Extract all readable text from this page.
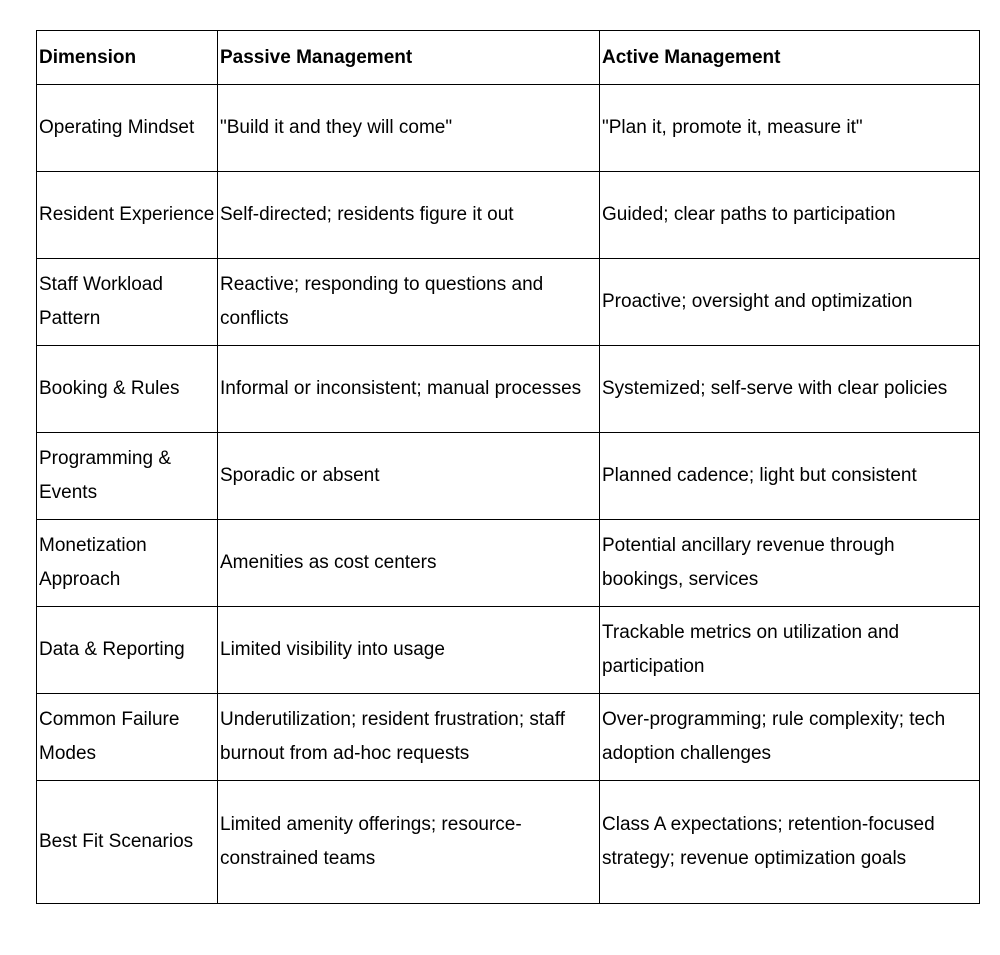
Dimension	Passive Management	Active Management
Operating Mindset	"Build it and they will come"	"Plan it, promote it, measure it"
Resident Experience	Self-directed; residents figure it out	Guided; clear paths to participation
Staff Workload Pattern	Reactive; responding to questions and conflicts	Proactive; oversight and optimization
Booking & Rules	Informal or inconsistent; manual processes	Systemized; self-serve with clear policies
Programming & Events	Sporadic or absent	Planned cadence; light but consistent
Monetization Approach	Amenities as cost centers	Potential ancillary revenue through bookings, services
Data & Reporting	Limited visibility into usage	Trackable metrics on utilization and participation
Common Failure Modes	Underutilization; resident frustration; staff burnout from ad-hoc requests	Over-programming; rule complexity; tech adoption challenges
Best Fit Scenarios	Limited amenity offerings; resource-constrained teams	Class A expectations; retention-focused strategy; revenue optimization goals
